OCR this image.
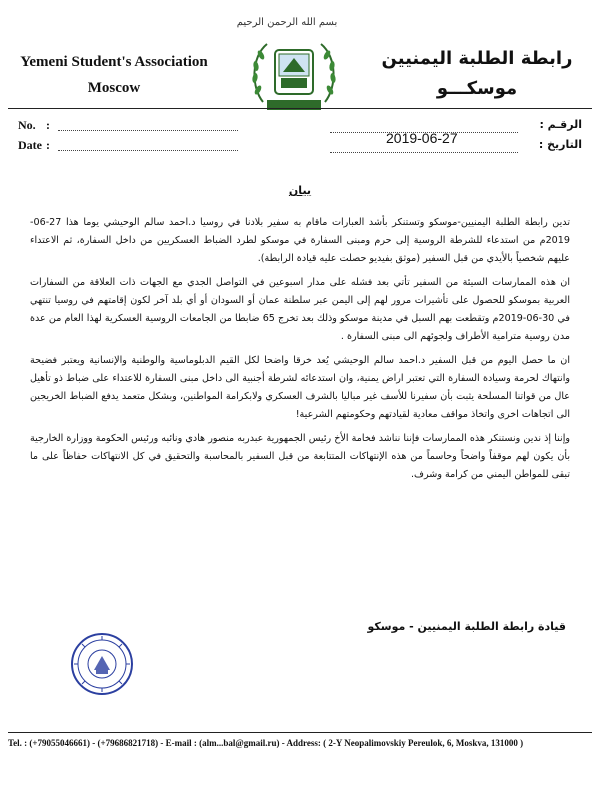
بسم الله الرحمن الرحيم
Yemeni Student's Association
Moscow
رابطة الطلبة اليمنيين
موسكـــو
No. :
Date :
الرقـم :
التاريخ :
2019-06-27
بيان

تدين رابطة الطلبة اليمنيين-موسكو وتستنكر بأشد العبارات ماقام به سفير بلادنا في روسيا د.احمد سالم الوحيشي يوما هذا 27-06-2019م من استدعاء للشرطة الروسية إلى حرم ومبنى السفارة في موسكو لطرد الضباط العسكريين من داخل السفارة، ثم الاعتداء عليهم شخصياً بالأيدي من قبل السفير (موثق بفيديو حصلت عليه قيادة الرابطة).

ان هذه الممارسات السيئة من السفير تأتي بعد فشله على مدار اسبوعين في التواصل الجدي مع الجهات ذات العلاقة من السفارات العربية بموسكو للحصول على تأشيرات مرور لهم إلى اليمن عبر سلطنة عمان أو السودان أو أي بلد آخر لكون إقامتهم في روسيا تنتهي في 30-06-2019م وتقطعت بهم السبل في مدينة موسكو وذلك بعد تخرج 65 ضابطا من الجامعات الروسية العسكرية لهذا العام من عدة مدن روسية مترامية الأطراف ولجوئهم الى مبنى السفارة .

ان ما حصل اليوم من قبل السفير د.احمد سالم الوحيشي يُعد خرقا واضحا لكل القيم الدبلوماسية والوطنية والإنسانية ويعتبر فضيحة وانتهاك لحرمة وسيادة السفارة التي تعتبر اراض يمنية، وان استدعائه لشرطة أجنبية الى داخل مبنى السفارة للاعتداء على ضباط ذو تأهيل عال من قواتنا المسلحة يثبت بأن سفيرنا للأسف غير مباليا بالشرف العسكري ولابكرامة المواطنين، وبشكل متعمد يدفع الضباط الخريجين الى اتجاهات اخرى واتخاذ مواقف معادية لقيادتهم وحكومتهم الشرعية!

وإننا إذ ندين ونستنكر هذه الممارسات فإننا نناشد فخامة الأخ رئيس الجمهورية عبدربه منصور هادي ونائبه ورئيس الحكومة ووزارة الخارجية بأن يكون لهم موقفاً واضحاً وحاسماً من هذه الإنتهاكات المتتابعة من قبل السفير بالمحاسبة والتحقيق في كل الانتهاكات حفاظاً على ما تبقى للمواطن اليمني من كرامة وشرف.

قيادة رابطة الطلبة اليمنيين - موسكو
Tel. : (+79055046661) - (+79686821718) - E-mail : (alm...bal@gmail.ru) - Address: ( 2-Y Neopalimovskiy Pereulok, 6, Moskva, 131000 )
